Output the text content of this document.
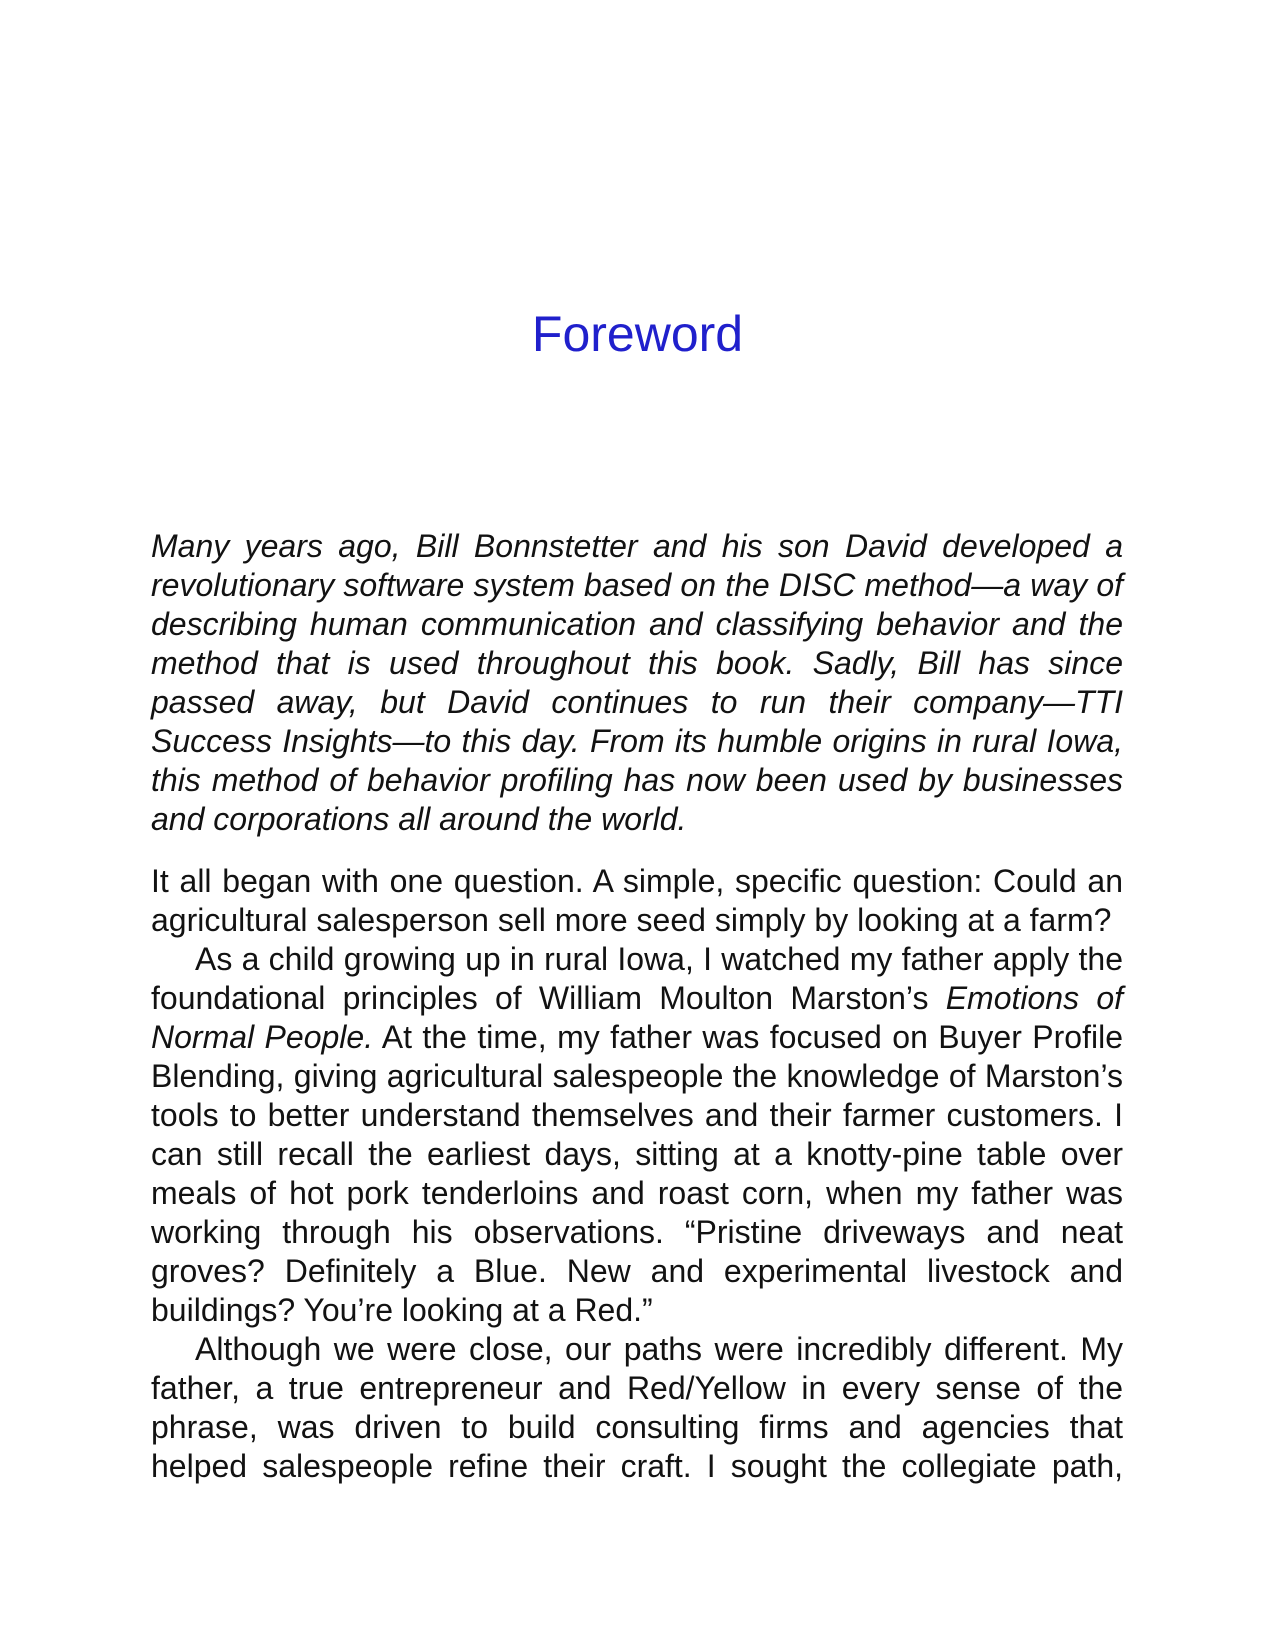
Foreword
Many years ago, Bill Bonnstetter and his son David developed a
revolutionary software system based on the DISC method—a way of
describing human communication and classifying behavior and the
method that is used throughout this book. Sadly, Bill has since
passed away, but David continues to run their company—TTI
Success Insights—to this day. From its humble origins in rural Iowa,
this method of behavior profiling has now been used by businesses
and corporations all around the world.
It all began with one question. A simple, specific question: Could an
agricultural salesperson sell more seed simply by looking at a farm?
As a child growing up in rural Iowa, I watched my father apply the
foundational principles of William Moulton Marston’s Emotions of
Normal People. At the time, my father was focused on Buyer Profile
Blending, giving agricultural salespeople the knowledge of Marston’s
tools to better understand themselves and their farmer customers. I
can still recall the earliest days, sitting at a knotty-pine table over
meals of hot pork tenderloins and roast corn, when my father was
working through his observations. “Pristine driveways and neat
groves? Definitely a Blue. New and experimental livestock and
buildings? You’re looking at a Red.”
Although we were close, our paths were incredibly different. My
father, a true entrepreneur and Red/Yellow in every sense of the
phrase, was driven to build consulting firms and agencies that
helped salespeople refine their craft. I sought the collegiate path,
